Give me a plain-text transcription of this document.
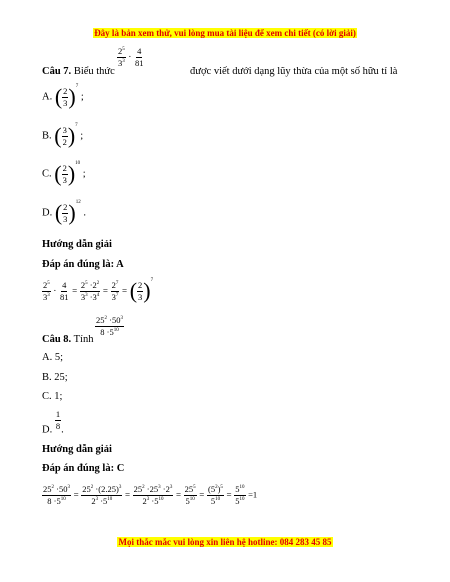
Đây là bản xem thử, vui lòng mua tài liệu để xem chi tiết (có lời giải)
$\frac{2^5}{3^3} \cdot \frac{4}{81}$
Câu 7. Biểu thức	được viết dưới dạng lũy thừa của một số hữu tỉ là
A. ( $\frac{2}{3}$ ) 7
;
B. ( $\frac{3}{2}$ ) 7
;
C. ( $\frac{2}{3}$ ) 10
;
D. ( $\frac{2}{3}$ ) 12
.
Hướng dẫn giải
Đáp án đúng là: A
$\frac{2^5}{3^3} \cdot \frac{4}{81} = \frac{2^5 \cdot 2^2}{3^3 \cdot 3^4} = \frac{2^7}{3^7}$ = ( $\frac{2}{3}$ ) 7
$\frac{25^2 \cdot 50^3}{8 \cdot 5^{10}}$
Câu 8. Tính
A. 5;
B. 25;
C. 1;
D. $\frac{1}{8}$ .
Hướng dẫn giải
Đáp án đúng là: C
$\frac{25^2 \cdot 50^3}{8 \cdot 5^{10}} = \frac{25^2 \cdot(2.25)^3}{2^3 \cdot 5^{10}} = \frac{25^2 \cdot 25^3 \cdot 2^3}{2^3 \cdot 5^{10}} = \frac{25^5}{5^{10}} = \frac{(5^2)^5}{5^{10}} = \frac{5^{10}}{5^{10}} =1$
Mọi thắc mắc vui lòng xin liên hệ hotline: 084 283 45 85
